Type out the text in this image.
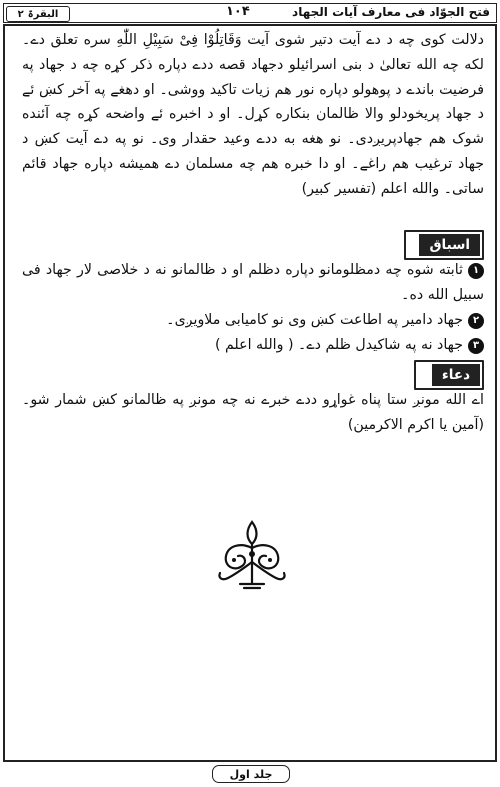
فتح الجوّاد فی معارف آیات الجهاد
۱۰۴
البقرۃ
٢
دلالت کوی چه د دے آیت دتیر شوی آیت وَقَاتِلُوْا فِیْ سَبِیْلِ اللّٰهِ سره تعلق دے۔ لکه چه الله تعالیٰ د بنی اسرائیلو دجهاد قصه ددے دپاره ذکر کړه چه د جهاد په فرضیت باندے د پوهولو دپاره نور هم زیات تاکید ووشی۔ او دهغے په آخر کښ ئے د جهاد پریخودلو والا ظالمان بنکاره کړل۔ او د اخبره ئے واضحه کړه چه آئنده شوک هم جهادپریږدی۔ نو هغه به ددے وعید حقدار وی۔ نو په دے آیت کښ د جهاد ترغیب هم راغے۔ او دا خبره هم چه مسلمان دے همیشه دپاره جهاد قائم ساتی۔ والله اعلم (تفسیر کبیر)
اسباق
١ثابته شوه چه دمظلومانو دپاره دظلم او د ظالمانو نه د خلاصی لار جهاد فی سبیل الله ده۔
٢جهاد دامیر په اطاعت کښ وی نو کامیابی ملاویږی۔
٣جهاد نه په شاکیدل ظلم دے۔ ( والله اعلم )
دعاء
اے الله مونږ ستا پناه غواړو ددے خبرے نه چه مونږ په ظالمانو کښ شمار شو۔ (آمین یا اکرم الاکرمین)
جلد اول
